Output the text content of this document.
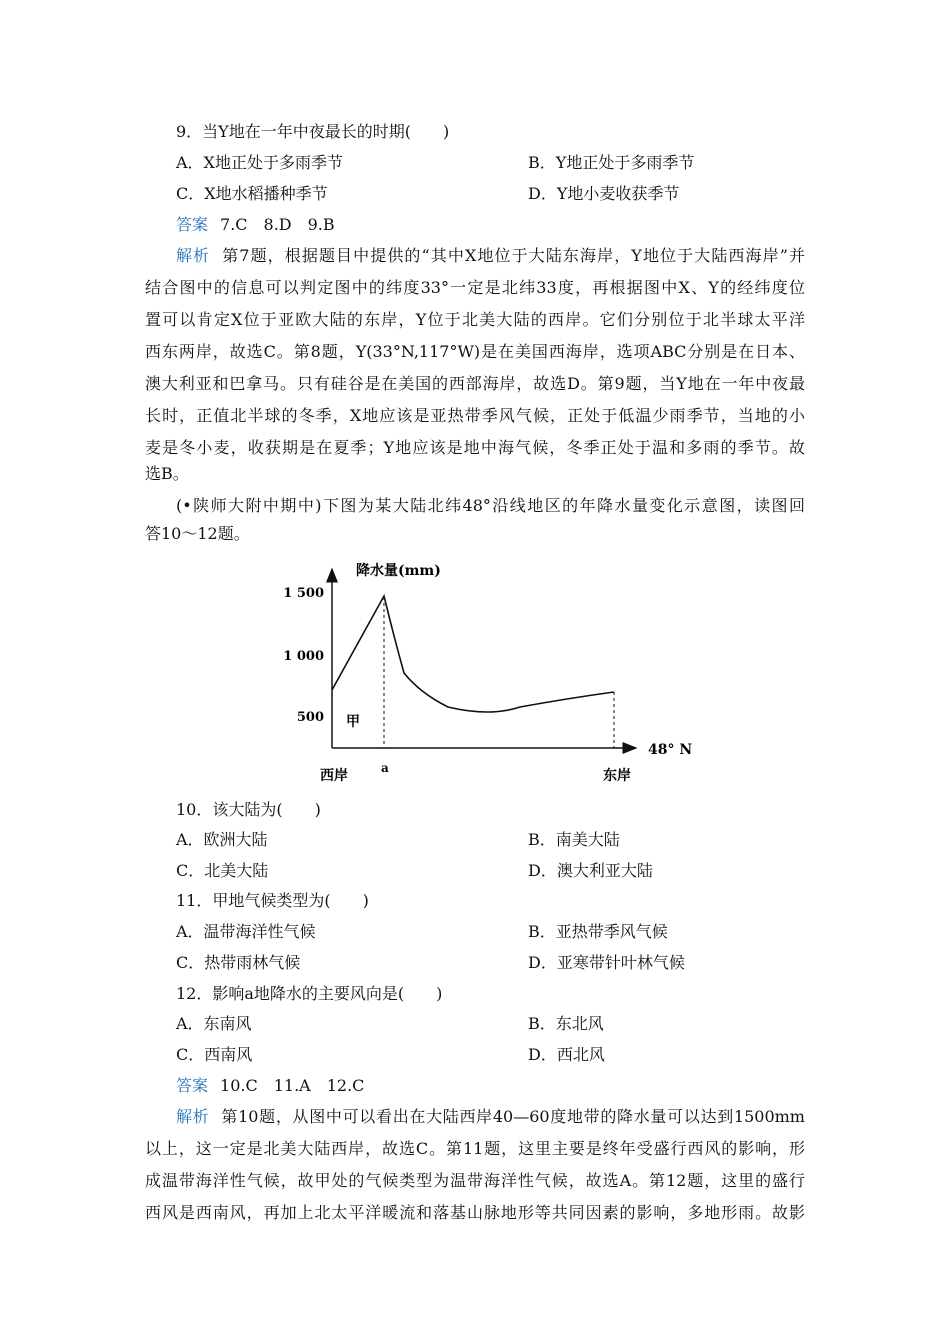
9．当Y地在一年中夜最长的时期(　　)
A．X地正处于多雨季节	B．Y地正处于多雨季节
C．X地水稻播种季节	D．Y地小麦收获季节
答案 7.C　8.D　9.B
解析 第7题，根据题目中提供的“其中X地位于大陆东海岸，Y地位于大陆西海岸”并
结合图中的信息可以判定图中的纬度33°一定是北纬33度，再根据图中X、Y的经纬度位
置可以肯定X位于亚欧大陆的东岸，Y位于北美大陆的西岸。它们分别位于北半球太平洋
西东两岸，故选C。第8题，Y(33°N,117°W)是在美国西海岸，选项ABC分别是在日本、
澳大利亚和巴拿马。只有硅谷是在美国的西部海岸，故选D。第9题，当Y地在一年中夜最
长时，正值北半球的冬季，X地应该是亚热带季风气候，正处于低温少雨季节，当地的小
麦是冬小麦，收获期是在夏季；Y地应该是地中海气候，冬季正处于温和多雨的季节。故
选B。
(•陕师大附中期中)下图为某大陆北纬48°沿线地区的年降水量变化示意图，读图回
答10～12题。
降水量(mm)
48° N
1 500
1 000
500 甲
西岸	a	东岸
10．该大陆为(　　)
A．欧洲大陆	B．南美大陆
C．北美大陆	D．澳大利亚大陆
11．甲地气候类型为(　　)
A．温带海洋性气候	B．亚热带季风气候
C．热带雨林气候	D．亚寒带针叶林气候
12．影响a地降水的主要风向是(　　)
A．东南风	B．东北风
C．西南风	D．西北风
答案 10.C　11.A　12.C
解析 第10题，从图中可以看出在大陆西岸40—60度地带的降水量可以达到1500mm
以上，这一定是北美大陆西岸，故选C。第11题，这里主要是终年受盛行西风的影响，形
成温带海洋性气候，故甲处的气候类型为温带海洋性气候，故选A。第12题，这里的盛行
西风是西南风，再加上北太平洋暖流和落基山脉地形等共同因素的影响，多地形雨。故影
